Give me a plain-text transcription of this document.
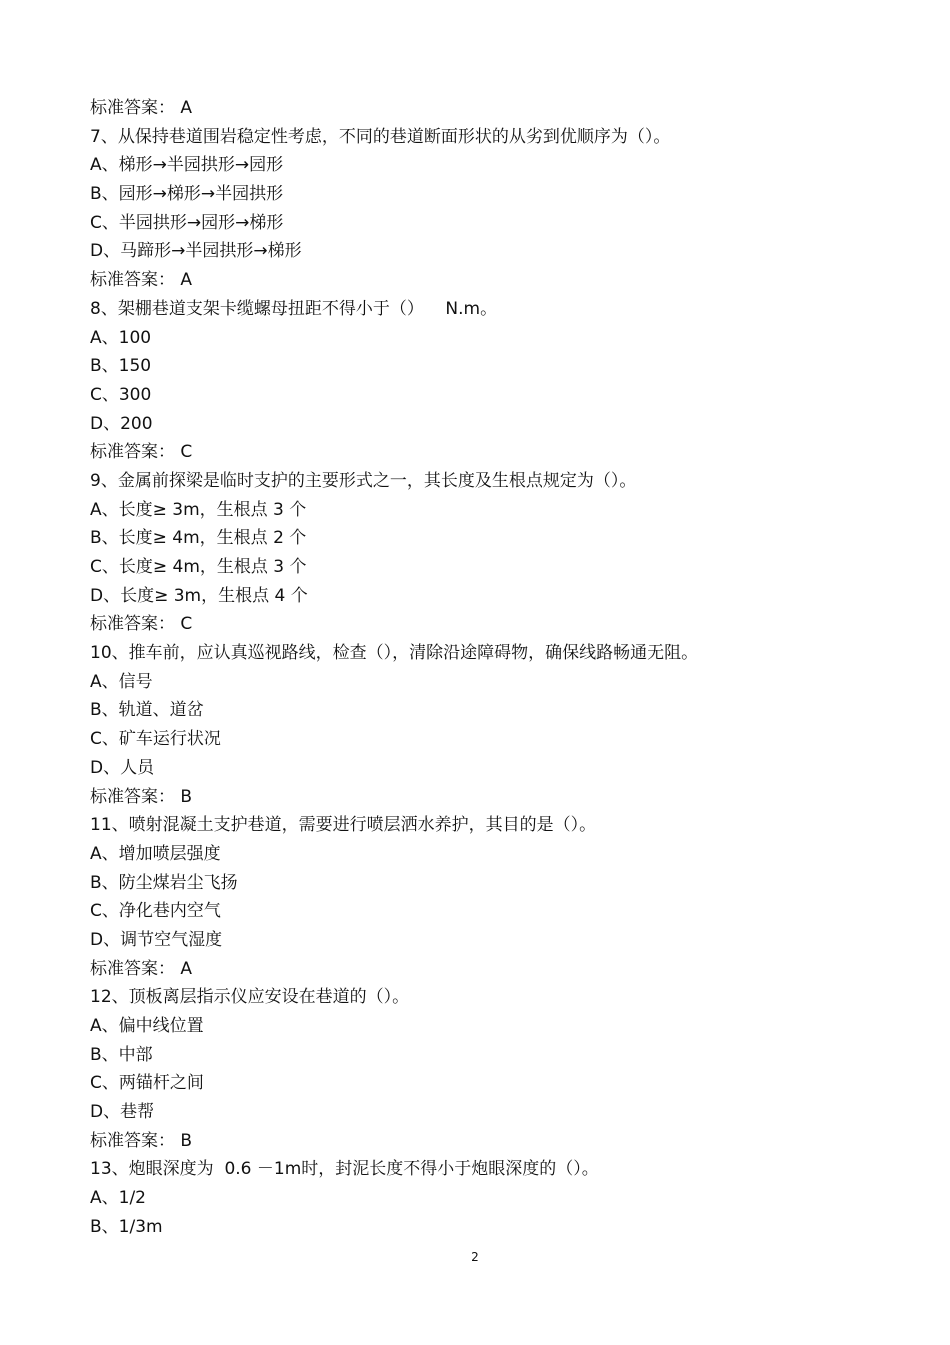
标准答案： A
7、从保持巷道围岩稳定性考虑，不同的巷道断面形状的从劣到优顺序为（）。
A、梯形→半园拱形→园形
B、园形→梯形→半园拱形
C、半园拱形→园形→梯形
D、马蹄形→半园拱形→梯形
标准答案： A
8、架棚巷道支架卡缆螺母扭距不得小于（）    N.m。
A、100
B、150
C、300
D、200
标准答案： C
9、金属前探梁是临时支护的主要形式之一，其长度及生根点规定为（）。
A、长度≥ 3m，生根点 3 个
B、长度≥ 4m，生根点 2 个
C、长度≥ 4m，生根点 3 个
D、长度≥ 3m，生根点 4 个
标准答案： C
10、推车前，应认真巡视路线，检查（），清除沿途障碍物，确保线路畅通无阻。
A、信号
B、轨道、道岔
C、矿车运行状况
D、人员
标准答案： B
11、喷射混凝土支护巷道，需要进行喷层洒水养护，其目的是（）。
A、增加喷层强度
B、防尘煤岩尘飞扬
C、净化巷内空气
D、调节空气湿度
标准答案： A
12、顶板离层指示仪应安设在巷道的（）。
A、偏中线位置
B、中部
C、两锚杆之间
D、巷帮
标准答案： B
13、炮眼深度为  0.6 －1m时，封泥长度不得小于炮眼深度的（）。
A、1/2
B、1/3m
2
